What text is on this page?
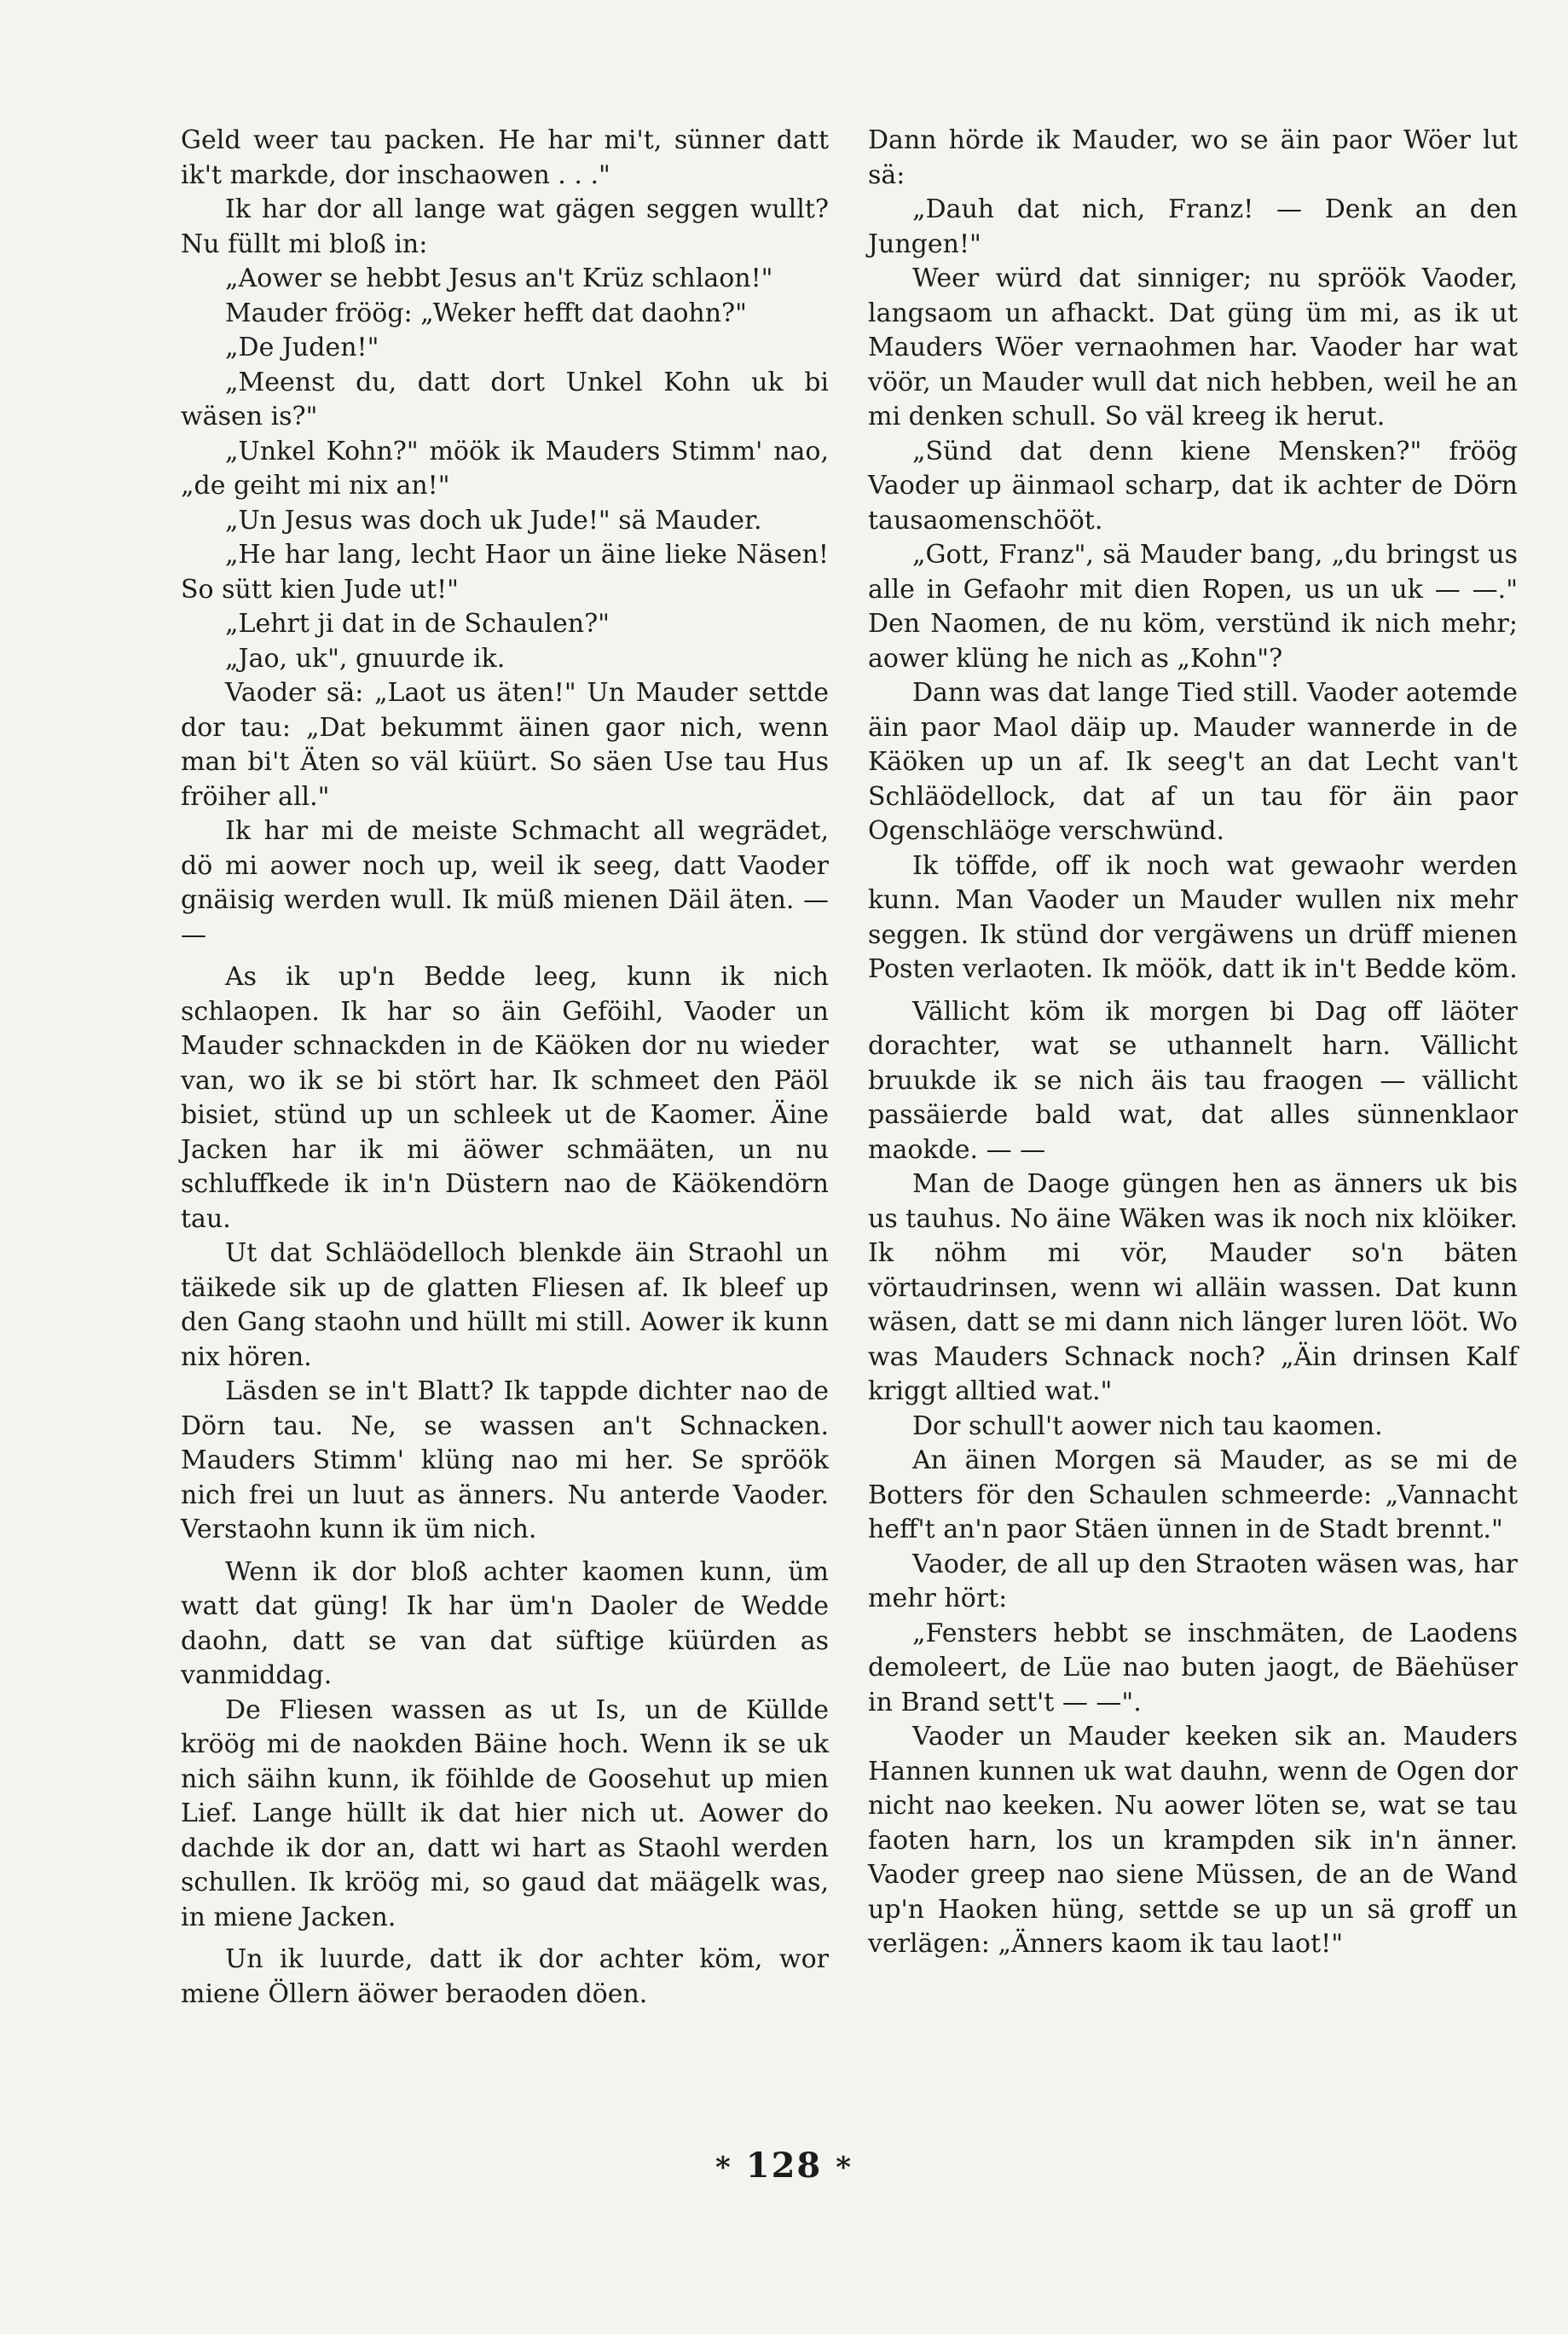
Geld weer tau packen. He har mi't, sünner datt ik't markde, dor inschaowen . . ."

Ik har dor all lange wat gägen seggen wullt? Nu füllt mi bloß in:

„Aower se hebbt Jesus an't Krüz schlaon!"

Mauder fröög: „Weker hefft dat daohn?"

„De Juden!"

„Meenst du, datt dort Unkel Kohn uk bi wäsen is?"

„Unkel Kohn?" möök ik Mauders Stimm' nao, „de geiht mi nix an!"

„Un Jesus was doch uk Jude!" sä Mauder.

„He har lang, lecht Haor un äine lieke Näsen! So sütt kien Jude ut!"

„Lehrt ji dat in de Schaulen?"

„Jao, uk", gnuurde ik.

Vaoder sä: „Laot us äten!" Un Mauder settde dor tau: „Dat bekummt äinen gaor nich, wenn man bi't Äten so väl küürt. So säen Use tau Hus fröiher all."

Ik har mi de meiste Schmacht all wegrädet, dö mi aower noch up, weil ik seeg, datt Vaoder gnäisig werden wull. Ik müß mienen Däil äten. — —

As ik up'n Bedde leeg, kunn ik nich schlaopen. Ik har so äin Geföihl, Vaoder un Mauder schnackden in de Käöken dor nu wieder van, wo ik se bi stört har. Ik schmeet den Päöl bisiet, stünd up un schleek ut de Kaomer. Äine Jacken har ik mi äöwer schmääten, un nu schluffkede ik in'n Düstern nao de Käökendörn tau.

Ut dat Schläödelloch blenkde äin Straohl un täikede sik up de glatten Fliesen af. Ik bleef up den Gang staohn und hüllt mi still. Aower ik kunn nix hören.

Läsden se in't Blatt? Ik tappde dichter nao de Dörn tau. Ne, se wassen an't Schnacken. Mauders Stimm' klüng nao mi her. Se spröök nich frei un luut as änners. Nu anterde Vaoder. Verstaohn kunn ik üm nich.

Wenn ik dor bloß achter kaomen kunn, üm watt dat güng! Ik har üm'n Daoler de Wedde daohn, datt se van dat süftige küürden as vanmiddag.

De Fliesen wassen as ut Is, un de Küllde kröög mi de naokden Bäine hoch. Wenn ik se uk nich säihn kunn, ik föihlde de Goosehut up mien Lief. Lange hüllt ik dat hier nich ut. Aower do dachde ik dor an, datt wi hart as Staohl werden schullen. Ik kröög mi, so gaud dat määgelk was, in miene Jacken.

Un ik luurde, datt ik dor achter köm, wor miene Öllern äöwer beraoden döen.

Dann hörde ik Mauder, wo se äin paor Wöer lut sä:

„Dauh dat nich, Franz! — Denk an den Jungen!"

Weer würd dat sinniger; nu spröök Vaoder, langsaom un afhackt. Dat güng üm mi, as ik ut Mauders Wöer vernaohmen har. Vaoder har wat vöör, un Mauder wull dat nich hebben, weil he an mi denken schull. So väl kreeg ik herut.

„Sünd dat denn kiene Mensken?" fröög Vaoder up äinmaol scharp, dat ik achter de Dörn tausaomenschööt.

„Gott, Franz", sä Mauder bang, „du bringst us alle in Gefaohr mit dien Ropen, us un uk — —." Den Naomen, de nu köm, verstünd ik nich mehr; aower klüng he nich as „Kohn"?

Dann was dat lange Tied still. Vaoder aotemde äin paor Maol däip up. Mauder wannerde in de Käöken up un af. Ik seeg't an dat Lecht van't Schläödellock, dat af un tau för äin paor Ogenschläöge verschwünd.

Ik töffde, off ik noch wat gewaohr werden kunn. Man Vaoder un Mauder wullen nix mehr seggen. Ik stünd dor vergäwens un drüff mienen Posten verlaoten. Ik möök, datt ik in't Bedde köm.

Vällicht köm ik morgen bi Dag off läöter dorachter, wat se uthannelt harn. Vällicht bruukde ik se nich äis tau fraogen — vällicht passäierde bald wat, dat alles sünnenklaor maokde. — —

Man de Daoge güngen hen as änners uk bis us tauhus. No äine Wäken was ik noch nix klöiker. Ik nöhm mi vör, Mauder so'n bäten vörtaudrinsen, wenn wi alläin wassen. Dat kunn wäsen, datt se mi dann nich länger luren lööt. Wo was Mauders Schnack noch? „Äin drinsen Kalf kriggt alltied wat."

Dor schull't aower nich tau kaomen.

An äinen Morgen sä Mauder, as se mi de Botters för den Schaulen schmeerde: „Vannacht heff't an'n paor Stäen ünnen in de Stadt brennt."

Vaoder, de all up den Straoten wäsen was, har mehr hört:

„Fensters hebbt se inschmäten, de Laodens demoleert, de Lüe nao buten jaogt, de Bäehüser in Brand sett't — —".

Vaoder un Mauder keeken sik an. Mauders Hannen kunnen uk wat dauhn, wenn de Ogen dor nicht nao keeken. Nu aower löten se, wat se tau faoten harn, los un krampden sik in'n änner. Vaoder greep nao siene Müssen, de an de Wand up'n Haoken hüng, settde se up un sä groff un verlägen: „Änners kaom ik tau laot!"

* 128 *
